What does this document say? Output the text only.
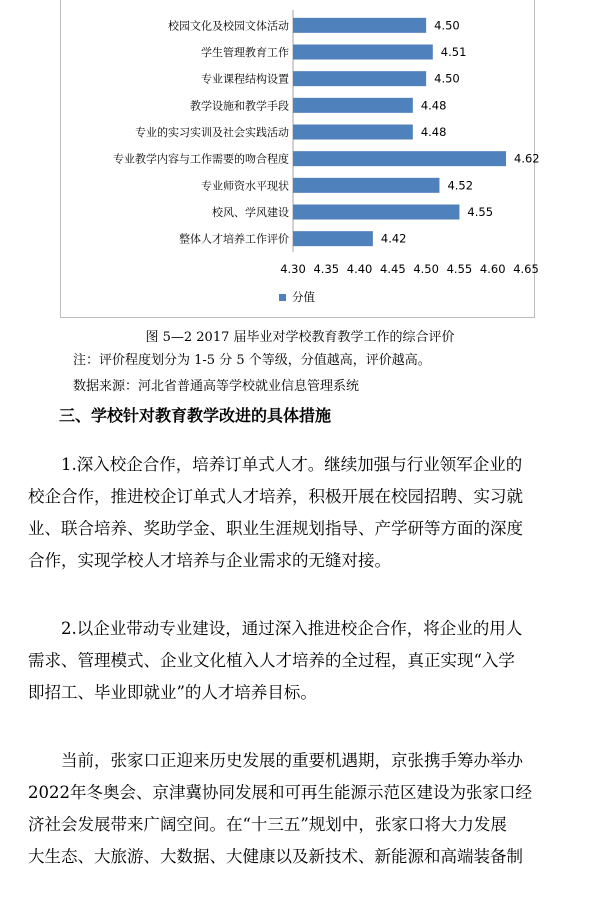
校园文化及校园文体活动	4.50
学生管理教育工作	4.51
专业课程结构设置	4.50
教学设施和教学手段	4.48
专业的实习实训及社会实践活动	4.48
专业教学内容与工作需要的吻合程度	4.62
专业师资水平现状	4.52
校风、学风建设	4.55
整体人才培养工作评价	4.42
4.30 4.35 4.40 4.45 4.50 4.55 4.60 4.65
分值
图 5—2 2017 届毕业对学校教育教学工作的综合评价
注：评价程度划分为 1-5 分 5 个等级，分值越高，评价越高。
数据来源：河北省普通高等学校就业信息管理系统
三、学校针对教育教学改进的具体措施
1.深入校企合作，培养订单式人才。继续加强与行业领军企业的
校企合作，推进校企订单式人才培养，积极开展在校园招聘、实习就
业、联合培养、奖助学金、职业生涯规划指导、产学研等方面的深度
合作，实现学校人才培养与企业需求的无缝对接。
2.以企业带动专业建设，通过深入推进校企合作，将企业的用人
需求、管理模式、企业文化植入人才培养的全过程，真正实现“入学
即招工、毕业即就业”的人才培养目标。
当前，张家口正迎来历史发展的重要机遇期，京张携手筹办举办
2022年冬奥会、京津冀协同发展和可再生能源示范区建设为张家口经
济社会发展带来广阔空间。在“十三五”规划中，张家口将大力发展
大生态、大旅游、大数据、大健康以及新技术、新能源和高端装备制
